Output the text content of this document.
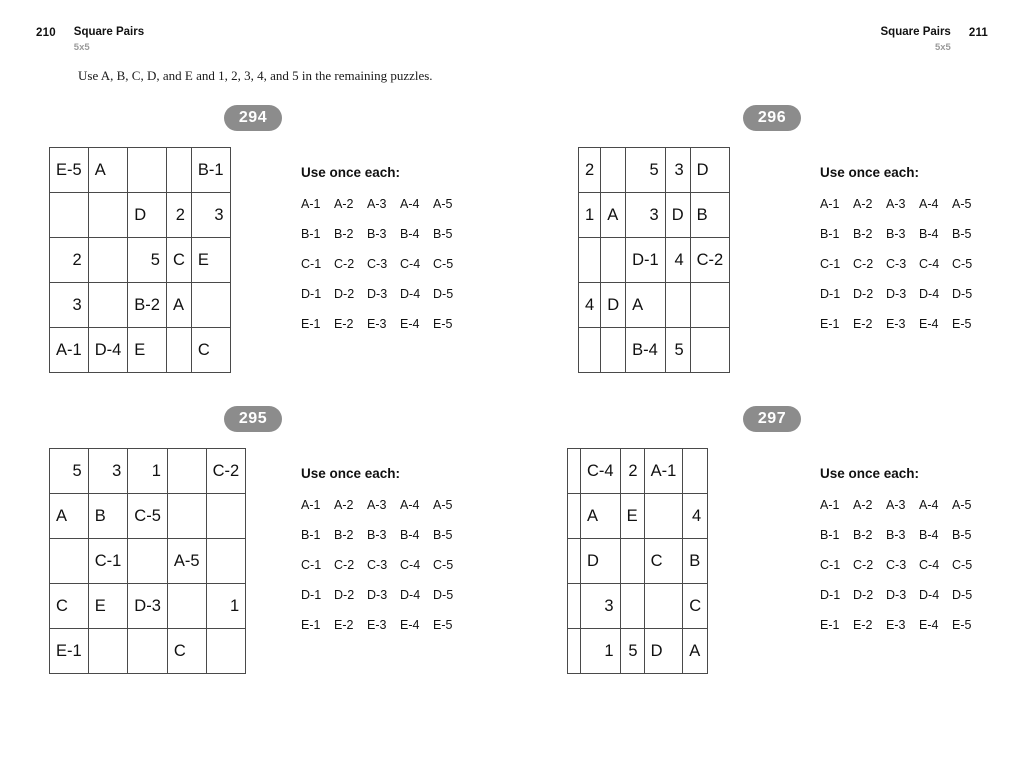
210 Square Pairs
5x5
Square Pairs
5x5
211
Use A, B, C, D, and E and 1, 2, 3, 4, and 5 in the remaining puzzles.
294
E-5	A			B-1
		D	2	3
2		5	C	E
3		B-2	A	
A-1	D-4	E		C
Use once each:
A-1 A-2 A-3 A-4 A-5
B-1 B-2 B-3 B-4 B-5
C-1 C-2 C-3 C-4 C-5
D-1 D-2 D-3 D-4 D-5
E-1 E-2 E-3 E-4 E-5
296
2		5	3	D
1	A	3	D	B
		D-1	4	C-2
4	D	A		
		B-4	5	
Use once each:
A-1 A-2 A-3 A-4 A-5
B-1 B-2 B-3 B-4 B-5
C-1 C-2 C-3 C-4 C-5
D-1 D-2 D-3 D-4 D-5
E-1 E-2 E-3 E-4 E-5
295
5	3	1		C-2
A	B	C-5		
	C-1		A-5	
C	E	D-3		1
E-1			C	
Use once each:
A-1 A-2 A-3 A-4 A-5
B-1 B-2 B-3 B-4 B-5
C-1 C-2 C-3 C-4 C-5
D-1 D-2 D-3 D-4 D-5
E-1 E-2 E-3 E-4 E-5
297
	C-4	2	A-1	
	A	E		4
	D		C	B
	3			C
	1	5	D	A
Use once each:
A-1 A-2 A-3 A-4 A-5
B-1 B-2 B-3 B-4 B-5
C-1 C-2 C-3 C-4 C-5
D-1 D-2 D-3 D-4 D-5
E-1 E-2 E-3 E-4 E-5
